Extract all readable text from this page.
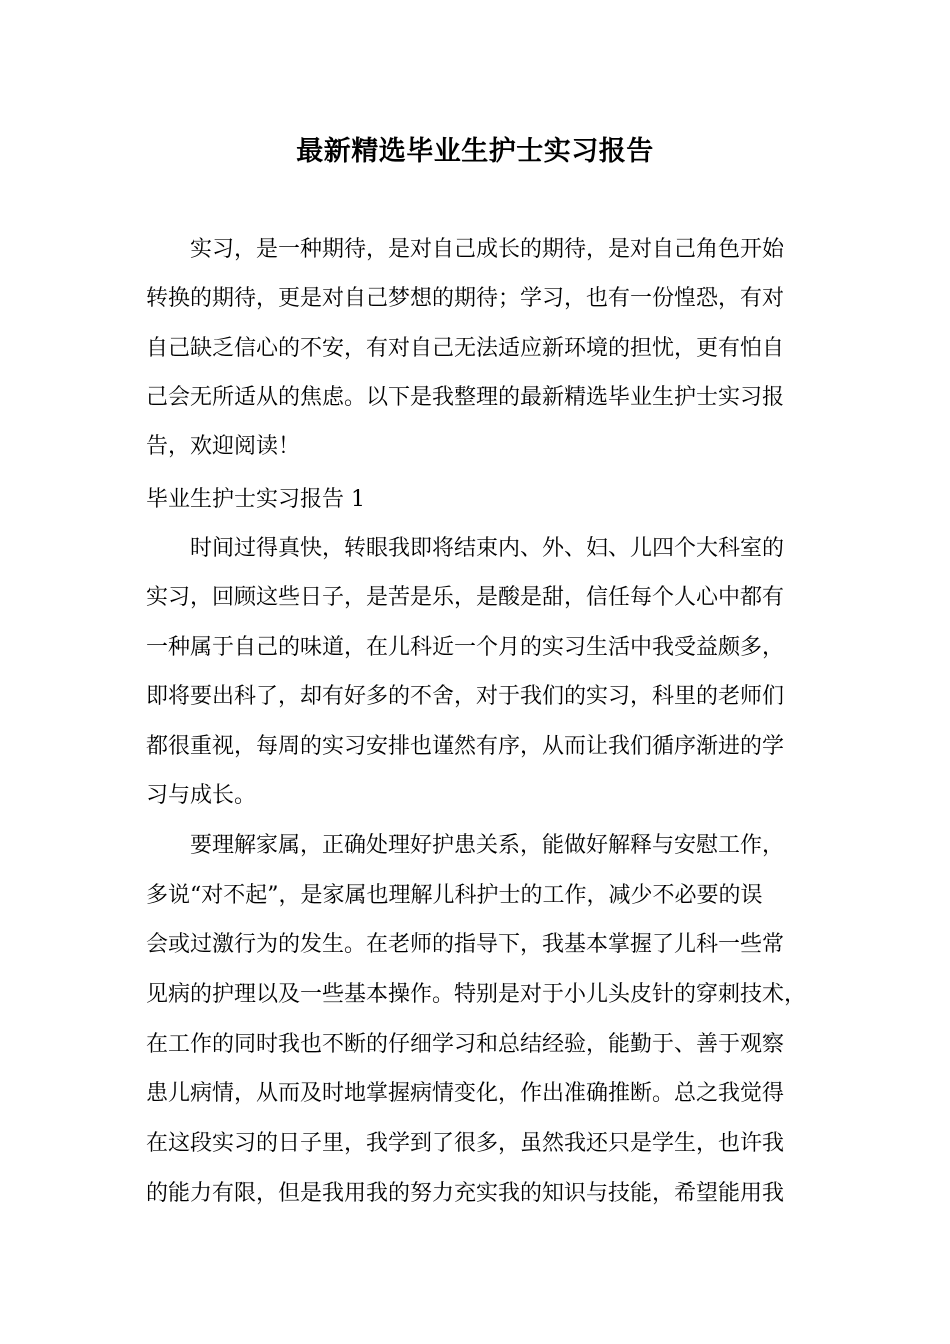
最新精选毕业生护士实习报告
实习，是一种期待，是对自己成长的期待，是对自己角色开始
转换的期待，更是对自己梦想的期待；学习，也有一份惶恐，有对
自己缺乏信心的不安，有对自己无法适应新环境的担忧，更有怕自
己会无所适从的焦虑。以下是我整理的最新精选毕业生护士实习报
告，欢迎阅读！
毕业生护士实习报告 1
时间过得真快，转眼我即将结束内、外、妇、儿四个大科室的
实习，回顾这些日子，是苦是乐，是酸是甜，信任每个人心中都有
一种属于自己的味道，在儿科近一个月的实习生活中我受益颇多，
即将要出科了，却有好多的不舍，对于我们的实习，科里的老师们
都很重视，每周的实习安排也谨然有序，从而让我们循序渐进的学
习与成长。
要理解家属，正确处理好护患关系，能做好解释与安慰工作，
多说“对不起”，是家属也理解儿科护士的工作，减少不必要的误
会或过激行为的发生。在老师的指导下，我基本掌握了儿科一些常
见病的护理以及一些基本操作。特别是对于小儿头皮针的穿刺技术，
在工作的同时我也不断的仔细学习和总结经验，能勤于、善于观察
患儿病情，从而及时地掌握病情变化，作出准确推断。总之我觉得
在这段实习的日子里，我学到了很多，虽然我还只是学生，也许我
的能力有限，但是我用我的努力充实我的知识与技能，希望能用我
